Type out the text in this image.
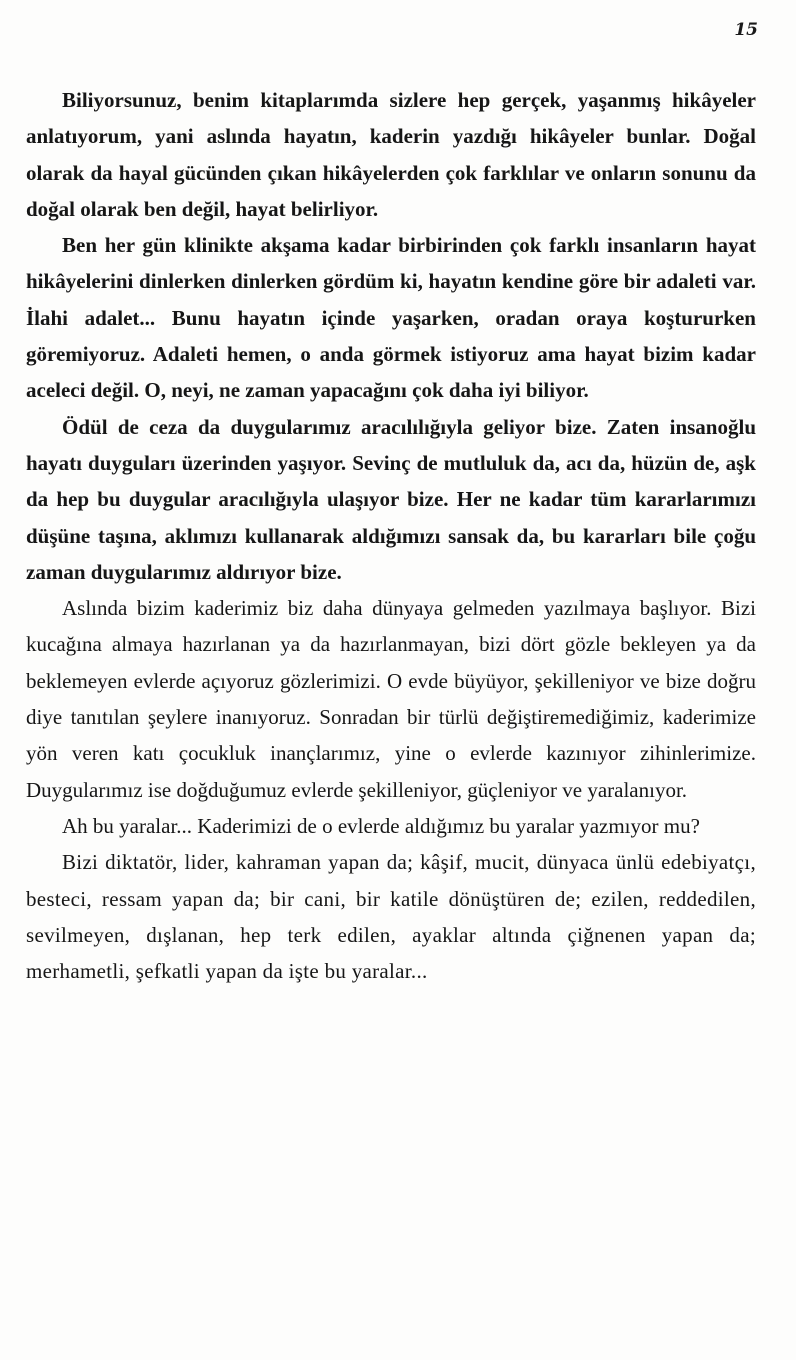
15

Biliyorsunuz, benim kitaplarımda sizlere hep gerçek, yaşanmış hikâyeler anlatıyorum, yani aslında hayatın, kaderin yazdığı hikâyeler bunlar. Doğal olarak da hayal gücünden çıkan hikâyelerden çok farklılar ve onların sonunu da doğal olarak ben değil, hayat belirliyor.

Ben her gün klinikte akşama kadar birbirinden çok farklı insanların hayat hikâyelerini dinlerken dinlerken gördüm ki, hayatın kendine göre bir adaleti var. İlahi adalet... Bunu hayatın içinde yaşarken, oradan oraya koştururken göremiyoruz. Adaleti hemen, o anda görmek istiyoruz ama hayat bizim kadar aceleci değil. O, neyi, ne zaman yapacağını çok daha iyi biliyor.

Ödül de ceza da duygularımız aracılılığıyla geliyor bize. Zaten insanoğlu hayatı duyguları üzerinden yaşıyor. Sevinç de mutluluk da, acı da, hüzün de, aşk da hep bu duygular aracılığıyla ulaşıyor bize. Her ne kadar tüm kararlarımızı düşüne taşına, aklımızı kullanarak aldığımızı sansak da, bu kararları bile çoğu zaman duygularımız aldırıyor bize.

Aslında bizim kaderimiz biz daha dünyaya gelmeden yazılmaya başlıyor. Bizi kucağına almaya hazırlanan ya da hazırlanmayan, bizi dört gözle bekleyen ya da beklemeyen evlerde açıyoruz gözlerimizi. O evde büyüyor, şekilleniyor ve bize doğru diye tanıtılan şeylere inanıyoruz. Sonradan bir türlü değiştiremediğimiz, kaderimize yön veren katı çocukluk inançlarımız, yine o evlerde kazınıyor zihinlerimize. Duygularımız ise doğduğumuz evlerde şekilleniyor, güçleniyor ve yaralanıyor.

Ah bu yaralar... Kaderimizi de o evlerde aldığımız bu yaralar yazmıyor mu?

Bizi diktatör, lider, kahraman yapan da; kâşif, mucit, dünyaca ünlü edebiyatçı, besteci, ressam yapan da; bir cani, bir katile dönüştüren de; ezilen, reddedilen, sevilmeyen, dışlanan, hep terk edilen, ayaklar altında çiğnenen yapan da; merhametli, şefkatli yapan da işte bu yaralar...
